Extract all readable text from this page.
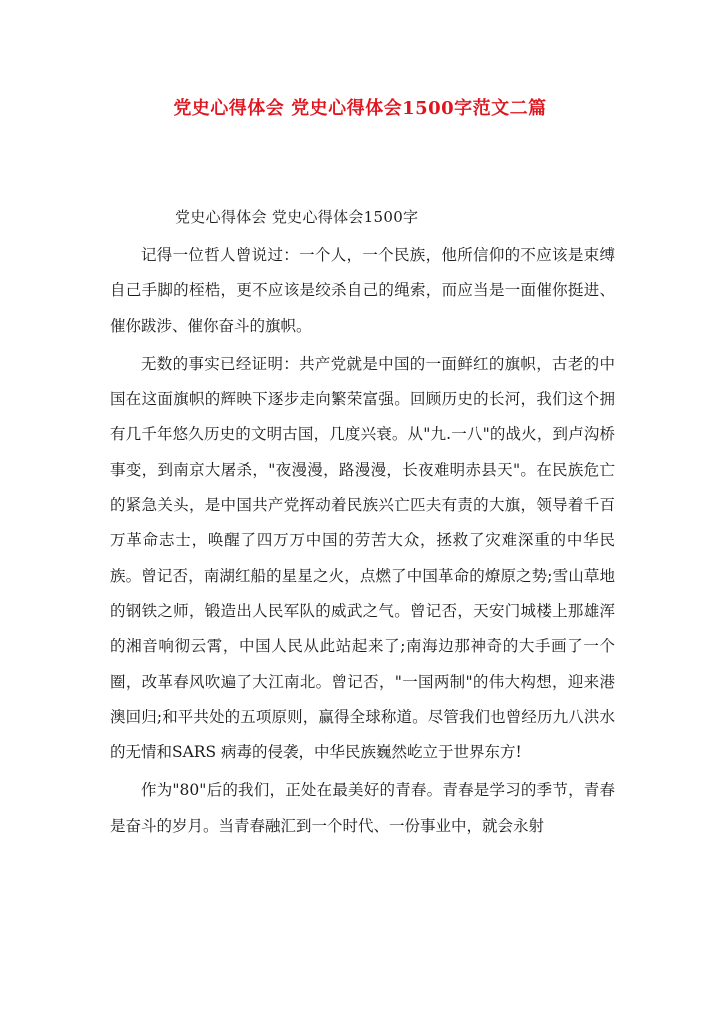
党史心得体会 党史心得体会1500字范文二篇
党史心得体会 党史心得体会1500字

记得一位哲人曾说过：一个人，一个民族，他所信仰的不应该是束缚自己手脚的桎梏，更不应该是绞杀自己的绳索，而应当是一面催你挺进、催你跋涉、催你奋斗的旗帜。

无数的事实已经证明：共产党就是中国的一面鲜红的旗帜，古老的中国在这面旗帜的辉映下逐步走向繁荣富强。回顾历史的长河，我们这个拥有几千年悠久历史的文明古国，几度兴衰。从"九.一八"的战火，到卢沟桥事变，到南京大屠杀，"夜漫漫，路漫漫，长夜难明赤县天"。在民族危亡的紧急关头，是中国共产党挥动着民族兴亡匹夫有责的大旗，领导着千百万革命志士，唤醒了四万万中国的劳苦大众，拯救了灾难深重的中华民族。曾记否，南湖红船的星星之火，点燃了中国革命的燎原之势;雪山草地的钢铁之师，锻造出人民军队的威武之气。曾记否，天安门城楼上那雄浑的湘音响彻云霄，中国人民从此站起来了;南海边那神奇的大手画了一个圈，改革春风吹遍了大江南北。曾记否，"一国两制"的伟大构想，迎来港澳回归;和平共处的五项原则，赢得全球称道。尽管我们也曾经历九八洪水的无情和SARS 病毒的侵袭，中华民族巍然屹立于世界东方!

作为"80"后的我们，正处在最美好的青春。青春是学习的季节，青春是奋斗的岁月。当青春融汇到一个时代、一份事业中，就会永射
